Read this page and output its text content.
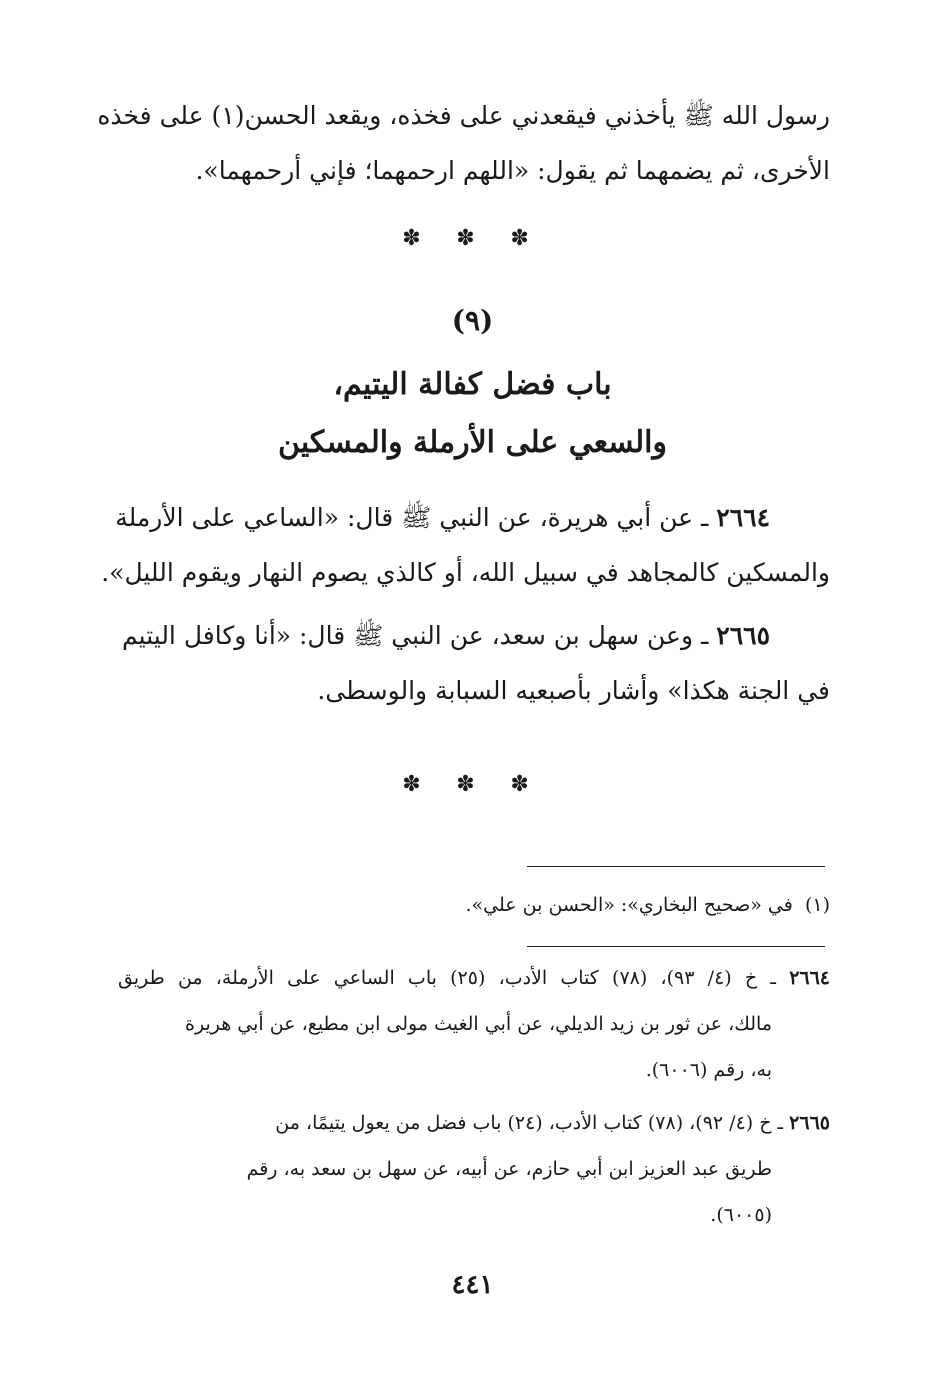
رسول الله ﷺ يأخذني فيقعدني على فخذه، ويقعد الحسن(١) على فخذه
الأخرى، ثم يضمهما ثم يقول: «اللهم ارحمهما؛ فإني أرحمهما».
✽ ✽ ✽
(٩)
باب فضل كفالة اليتيم،
والسعي على الأرملة والمسكين
٢٦٦٤ ـ عن أبي هريرة، عن النبي ﷺ قال: «الساعي على الأرملة
والمسكين كالمجاهد في سبيل الله، أو كالذي يصوم النهار ويقوم الليل».
٢٦٦٥ ـ وعن سهل بن سعد، عن النبي ﷺ قال: «أنا وكافل اليتيم
في الجنة هكذا» وأشار بأصبعيه السبابة والوسطى.
✽ ✽ ✽
(١)  في «صحيح البخاري»: «الحسن بن علي».
٢٦٦٤ ـ خ (٤/ ٩٣)، (٧٨) كتاب الأدب، (٢٥) باب الساعي على الأرملة، من طريق
مالك، عن ثور بن زيد الديلي، عن أبي الغيث مولى ابن مطيع، عن أبي هريرة
به، رقم (٦٠٠٦).
٢٦٦٥ ـ خ (٤/ ٩٢)، (٧٨) كتاب الأدب، (٢٤) باب فضل من يعول يتيمًا، من
طريق عبد العزيز ابن أبي حازم، عن أبيه، عن سهل بن سعد به، رقم
(٦٠٠٥).
٤٤١
